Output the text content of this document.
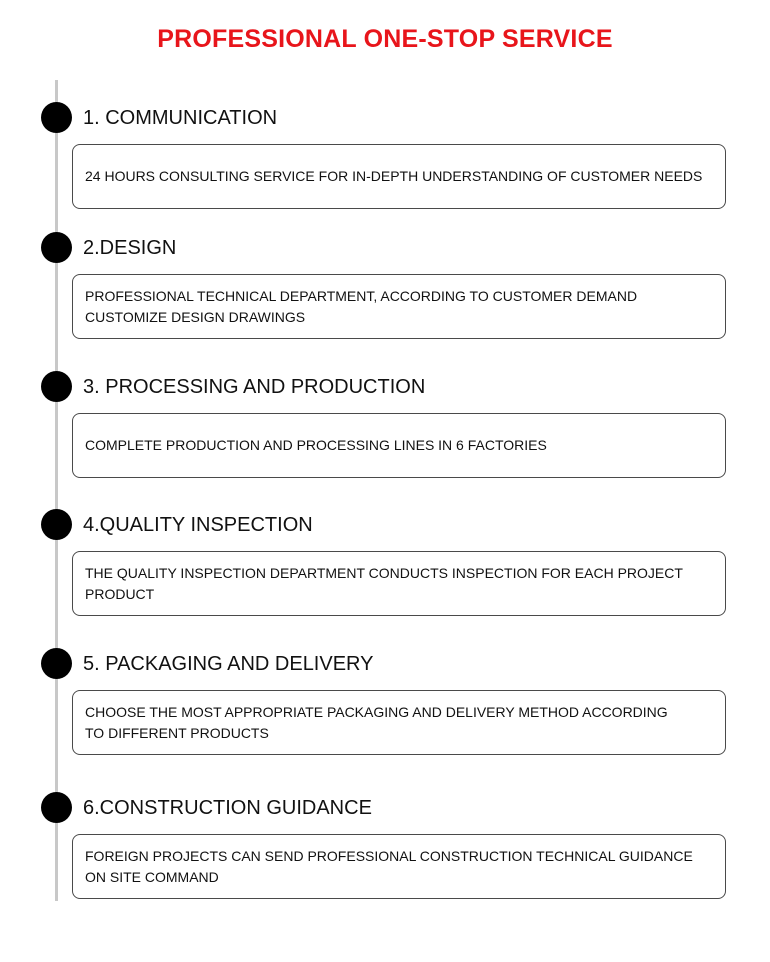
PROFESSIONAL ONE-STOP SERVICE
1. COMMUNICATION
24 HOURS CONSULTING SERVICE FOR IN-DEPTH UNDERSTANDING OF CUSTOMER NEEDS
2.DESIGN
PROFESSIONAL TECHNICAL DEPARTMENT, ACCORDING TO CUSTOMER DEMAND CUSTOMIZE DESIGN DRAWINGS
3. PROCESSING AND PRODUCTION
COMPLETE PRODUCTION AND PROCESSING LINES IN 6 FACTORIES
4.QUALITY INSPECTION
THE QUALITY INSPECTION DEPARTMENT CONDUCTS INSPECTION FOR EACH PROJECT PRODUCT
5. PACKAGING AND DELIVERY
CHOOSE THE MOST APPROPRIATE PACKAGING AND DELIVERY METHOD ACCORDING TO DIFFERENT PRODUCTS
6.CONSTRUCTION GUIDANCE
FOREIGN PROJECTS CAN SEND PROFESSIONAL CONSTRUCTION TECHNICAL GUIDANCE ON SITE COMMAND
